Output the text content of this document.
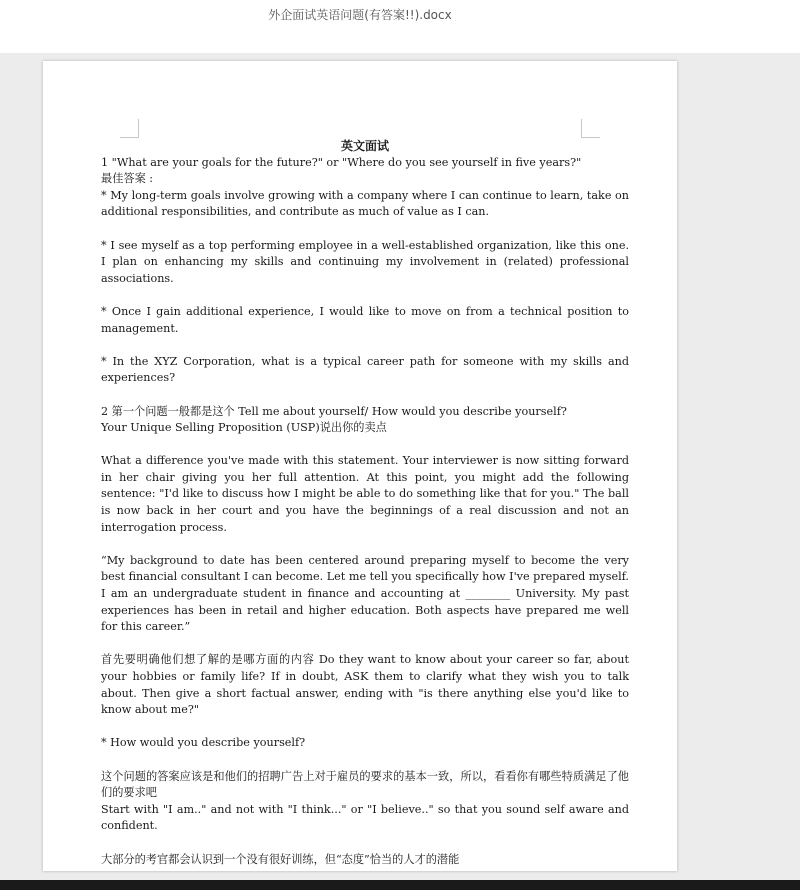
外企面试英语问题(有答案!!).docx

英文面试

1 "What are your goals for the future?" or "Where do you see yourself in five years?"

最佳答案 :

* My long-term goals involve growing with a company where I can continue to learn, take on additional responsibilities, and contribute as much of value as I can.

* I see myself as a top performing employee in a well-established organization, like this one. I plan on enhancing my skills and continuing my involvement in (related) professional associations.

* Once I gain additional experience, I would like to move on from a technical position to management.

* In the XYZ Corporation, what is a typical career path for someone with my skills and experiences?

2 第一个问题一般都是这个 Tell me about yourself/ How would you describe yourself?

Your Unique Selling Proposition (USP)说出你的卖点

What a difference you've made with this statement. Your interviewer is now sitting forward in her chair giving you her full attention. At this point, you might add the following sentence: "I'd like to discuss how I might be able to do something like that for you." The ball is now back in her court and you have the beginnings of a real discussion and not an interrogation process.

“My background to date has been centered around preparing myself to become the very best financial consultant I can become. Let me tell you specifically how I've prepared myself. I am an undergraduate student in finance and accounting at ________ University. My past experiences has been in retail and higher education. Both aspects have prepared me well for this career.”

首先要明确他们想了解的是哪方面的内容 Do they want to know about your career so far, about your hobbies or family life? If in doubt, ASK them to clarify what they wish you to talk about. Then give a short factual answer, ending with "is there anything else you'd like to know about me?"

* How would you describe yourself?

这个问题的答案应该是和他们的招聘广告上对于雇员的要求的基本一致，所以，看看你有哪些特质满足了他们的要求吧

Start with "I am.." and not with "I think..." or "I believe.." so that you sound self aware and confident.

大部分的考官都会认识到一个没有很好训练，但“态度”恰当的人才的潜能
